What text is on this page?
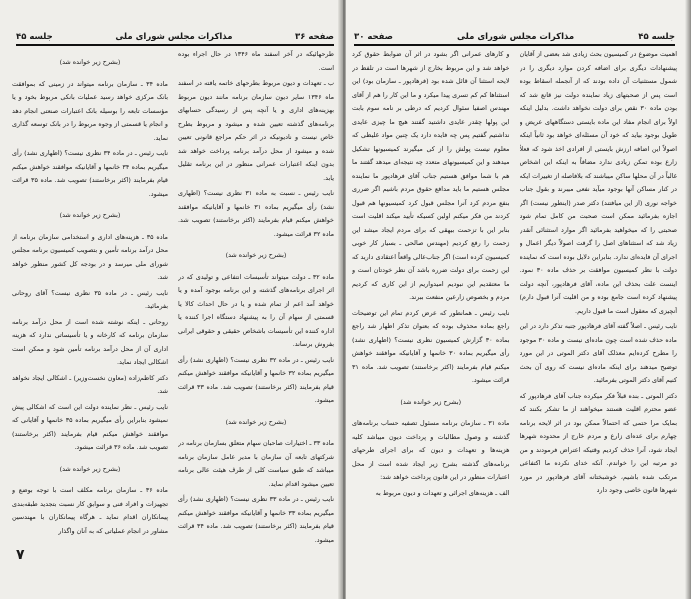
صفحه ۳۶
مذاکرات مجلس شورای ملی
جلسه ۴۵

طرحهائیکه در آخر اسفند ماه ۱۳۴۶ در حال اجراء بوده است.

ب ـ تعهدات و دیون مربوط بطرحهای خاتمه یافته در اسفند ماه ۱۳۴۶ سایر دیون سازمان برنامه مانند دیون مربوط بهزینه‌های اداری و یا آنچه پس از رسیدگی حسابهای برنامه‌های گذشته تعیین شده و میشود و مربوط بطرح خاص نیست و نادیونیکه در اثر حکم مراجع قانونی تعیین شده و میشود از محل درآمد برنامه پرداخت خواهد شد بدون اینکه اعتبارات عمرانی منظور در این برنامه تقلیل یابد.

نایب رئیس ـ نسبت به ماده ۳۱ نظری نیست؟ (اظهاری نشد) رأی میگیریم بماده ۳۱ خانمها و آقایانیکه موافقند خواهش میکنم قیام بفرمایند (اکثر برخاستند) تصویب شد. ماده ۳۲ قرائت میشود.

(بشرح زیر خوانده شد)

ماده ۳۲ ـ دولت میتواند تأسیسات انتفاعی و تولیدی که در اثر اجرای برنامه‌های گذشته و این برنامه بوجود آمده و یا خواهد آمد اعم از تمام شده و یا در حال احداث کالا یا قسمتی از سهام آن را به پیشنهاد دستگاه اجرا کننده یا اداره کننده این تأسیسات باشخاص حقیقی و حقوقی ایرانی بفروش برساند.

نایب رئیس ـ در ماده ۳۲ نظری نیست؟ (اظهاری نشد) رأی میگیریم بماده ۳۲ خانمها و آقایانیکه موافقند خواهش میکنم قیام بفرمایند (اکثر برخاستند) تصویب شد. ماده ۳۳ قرائت میشود.

(بشرح زیر خوانده شد)

ماده ۳۳ ـ اختیارات صاحبان سهام متعلق بسازمان برنامه در شرکتهای تابعه آن سازمان با مدیر عامل سازمان برنامه میباشد که طبق سیاست کلی از طرف هیئت عالی برنامه تعیین میشود اقدام نماید.

نایب رئیس ـ در ماده ۳۳ نظری نیست؟ (اظهاری نشد) رأی میگیریم بماده ۳۳ خانمها و آقایانیکه موافقند خواهش میکنم قیام بفرمایند (اکثر برخاستند) تصویب شد. ماده ۳۴ قرائت میشود.

(بشرح زیر خوانده شد)

ماده ۳۴ ـ سازمان برنامه میتواند در زمینی که بموافقت بانک مرکزی خواهد رسید عملیات بانکی مربوط بخود و یا مؤسسات تابعه را بوسیله بانک اعتبارات صنعتی انجام دهد و انجام یا قسمتی از وجوه مربوط را در بانک توسعه گذاری نماید.

نایب رئیس ـ در ماده ۳۴ نظری نیست؟ (اظهاری نشد) رأی میگیریم بماده ۳۴ خانمها و آقایانیکه موافقند خواهش میکنم قیام بفرمایند (اکثر برخاستند) تصویب شد. ماده ۳۵ قرائت میشود.

(بشرح زیر خوانده شد)

ماده ۳۵ ـ هزینه‌های اداری و استخدامی سازمان برنامه از محل درآمد برنامه تأمین و بتصویب کمیسیون برنامه مجلس شورای ملی میرسد و در بودجه کل کشور منظور خواهد شد.

نایب رئیس ـ در ماده ۳۵ نظری نیست؟ آقای روحانی بفرمائید.

روحانی ـ اینکه نوشته شده است از محل درآمد برنامه سازمان برنامه که کارخانه و یا تأسیساتی ندارد که هزینه اداری آن از محل درآمد برنامه تأمین شود و ممکن است اشکالی ایجاد نماید.

دکتر کاظم‌زاده (معاون نخست‌وزیر) ـ اشکالی ایجاد نخواهد شد.

نایب رئیس ـ نظر نماینده دولت این است که اشکالی پیش نمیشود بنابراین رأی میگیریم بماده ۳۵ خانمها و آقایانی که موافقند خواهش میکنم قیام بفرمایند (اکثر برخاستند) تصویب شد. ماده ۳۶ قرائت میشود.

(بشرح زیر خوانده شد)

ماده ۳۶ ـ سازمان برنامه مکلف است با توجه بوضع و تجهیزات و افراد فنی و سوابق کار نسبت بتجدید طبقه‌بندی پیمانکاران اقدام نماید ـ هرگاه پیمانکاران با مهندسین مشاور در انجام عملیاتی که به آنان واگذار

۷
جلسه ۴۵
مذاکرات مجلس شورای ملی
صفحه ۳۰

اهمیت موضوع در کمیسیون بحث زیادی شد بعضی از آقایان پیشنهادات دیگری برای اضافه کردن موارد دیگری را در شمول مستثنیات آن داده بودند که از آنجمله اسقاط بوده است پس از صحبتهای زیاد نماینده دولت نیز قانع شد که بودن ماده ۳۰ نقص برای دولت نخواهد داشت. بدلیل اینکه اولاً برای انجام مفاد این ماده بایستی دستگاههای عریض و طویل بوجود بیاید که خود آن مسئله‌ای خواهد بود ثانیاً اینکه اصولاً این اضافه ارزش بایستی از افرادی اخذ شود که فعلاً زارع بوده تمکن زیادی ندارد مضافاً به اینکه این اشخاص غالباً در آن محلها ساکن میباشند که بلافاصله از تغییرات ایکه در کنار مساکن آنها بوجود میآید نفعی میبرند و بقول جناب خواجه نوری (از این میافتند) دکتر صدر (اینطور نیست) اگر اجازه بفرمائید ممکن است صحبت من کامل تمام شود صحبتی را که میخواهید بفرمائید اگر موارد استثنائی آنقدر زیاد شد که استثناهای اصل را گرفت اصولاً دیگر اعمال و اجرای آن فایده‌ای ندارد. بنابراین دلایل بوده است که نماینده دولت با نظر کمیسیون موافقت بر حذف ماده ۳۰ نمود. اینست علت بحذف این ماده، آقای فرهادپور، آنچه دولت پیشنهاد کرده است جامع بوده و من اقلیت آنرا قبول دارم) آنچیزی که معقول است ما قبول داریم.

نایب رئیس ـ اصلاً گفته آقای فرهادپور جنبه تذکر دارد در این ماده حذف شده است چون ماده‌ای نیست و ماده ۳۰ موجود را مطرح کرده‌ایم معذلک آقای دکتر الموتی در این مورد توضیح میدهند برای اینکه ماده‌ای نیست که روی آن بحث کنیم آقای دکتر الموتی بفرمائید.

دکتر الموتی ـ بنده قبلاً فکر میکرده جناب آقای فرهادپور که عضو محترم اقلیت هستند میخواهند از ما تشکر بکنند که بمایک مرا حتمی که احتمالاً ممکن بود در اثر لایحه برنامه چهارم برای عده‌ای زارع و مردم خارج از محدوده شهرها ایجاد شود، آنرا حذف کردیم وقتیکه اعتراض فرمودند و من دو مرتبه این را خواندم. آنکه خدای نکرده ما اکتفاعی مرتکب شده باشیم، خوشبختانه آقای فرهادپور در مورد شهرها قانون خاصی وجود دارد

و کارهای عمرانی اگر بشود در اثر آن ضوابط حقوق کرد خواهد شد و این مربوط بخارج از شهرها است در تلفظ در لایحه استثنا آن قائل شده بود (فرهادپور ـ سازمان بود) این استثناها کم کم تسری پیدا میکرد و ما این کار را هم از آقای مهندس اصفیا سئوال کردیم که درطی بر نامه سوم بابت این پولها چقدر عایدی داشتید گفتند هیچ ما چیزی عایدی نداشتیم گفتیم پس چه فایده دارد یک چنین مواد غلیظی که معلوم نیست پولش را از کی میگیرند کمیسیونها تشکیل میدهند و این کمیسیونهای متعدد چه نتیجه‌ای میدهد گفتند ما هم با شما موافق هستیم جناب آقای فرهادپور ما نماینده مجلس هستیم ما باید مدافع حقوق مردم باشیم اگر ضرری بنفع مردم کرد آنرا مجلس قبول کرد کمیسیونها هم قبول کردند من فکر میکنم اولین کسیکه تأیید میکند اقلیت است بنابر این با تزحمت بیهقی که برای مردم ایجاد میشد این زحمت را رفع کردیم (مهندس صالحی ـ بسیار کار خوبی کمیسیون کرده است) اگر جناب‌عالی واقعاً اعتقادی دارید که این زحمت برای دولت ضرره باشد آن نظر خودتان است و ما معتقدیم این نبودیم امیدواریم از این کاری که کردیم مردم و بخصوص زارعین منفعت ببرند.

نایب رئیس ـ همانطور که عرض کردم تمام این توضیحات راجع بماده محذوف بوده که بعنوان تذکر اظهار شد راجع بماده ۳۰ گزارش کمیسیون نظری نیست؟ (اظهاری نشد) رأی میگیریم بماده ۳۰ خانمها و آقایانیکه موافقند خواهش میکنم قیام بفرمایند (اکثر برخاستند) تصویب شد. ماده ۳۱ قرائت میشود.

(بشرح زیر خوانده شد)

ماده ۳۱ ـ سازمان برنامه مسئول تصفیه حساب برنامه‌های گذشته و وصول مطالبات و پرداخت دیون میباشد کلیه هزینه‌ها و تعهدات و دیون که برای اجرای طرحهای برنامه‌های گذشته بشرح زیر ایجاد شده است از محل اعتبارات منظور در این قانون پرداخت خواهد شد:

الف ـ هزینه‌های اجرائی و تعهدات و دیون مربوط به
